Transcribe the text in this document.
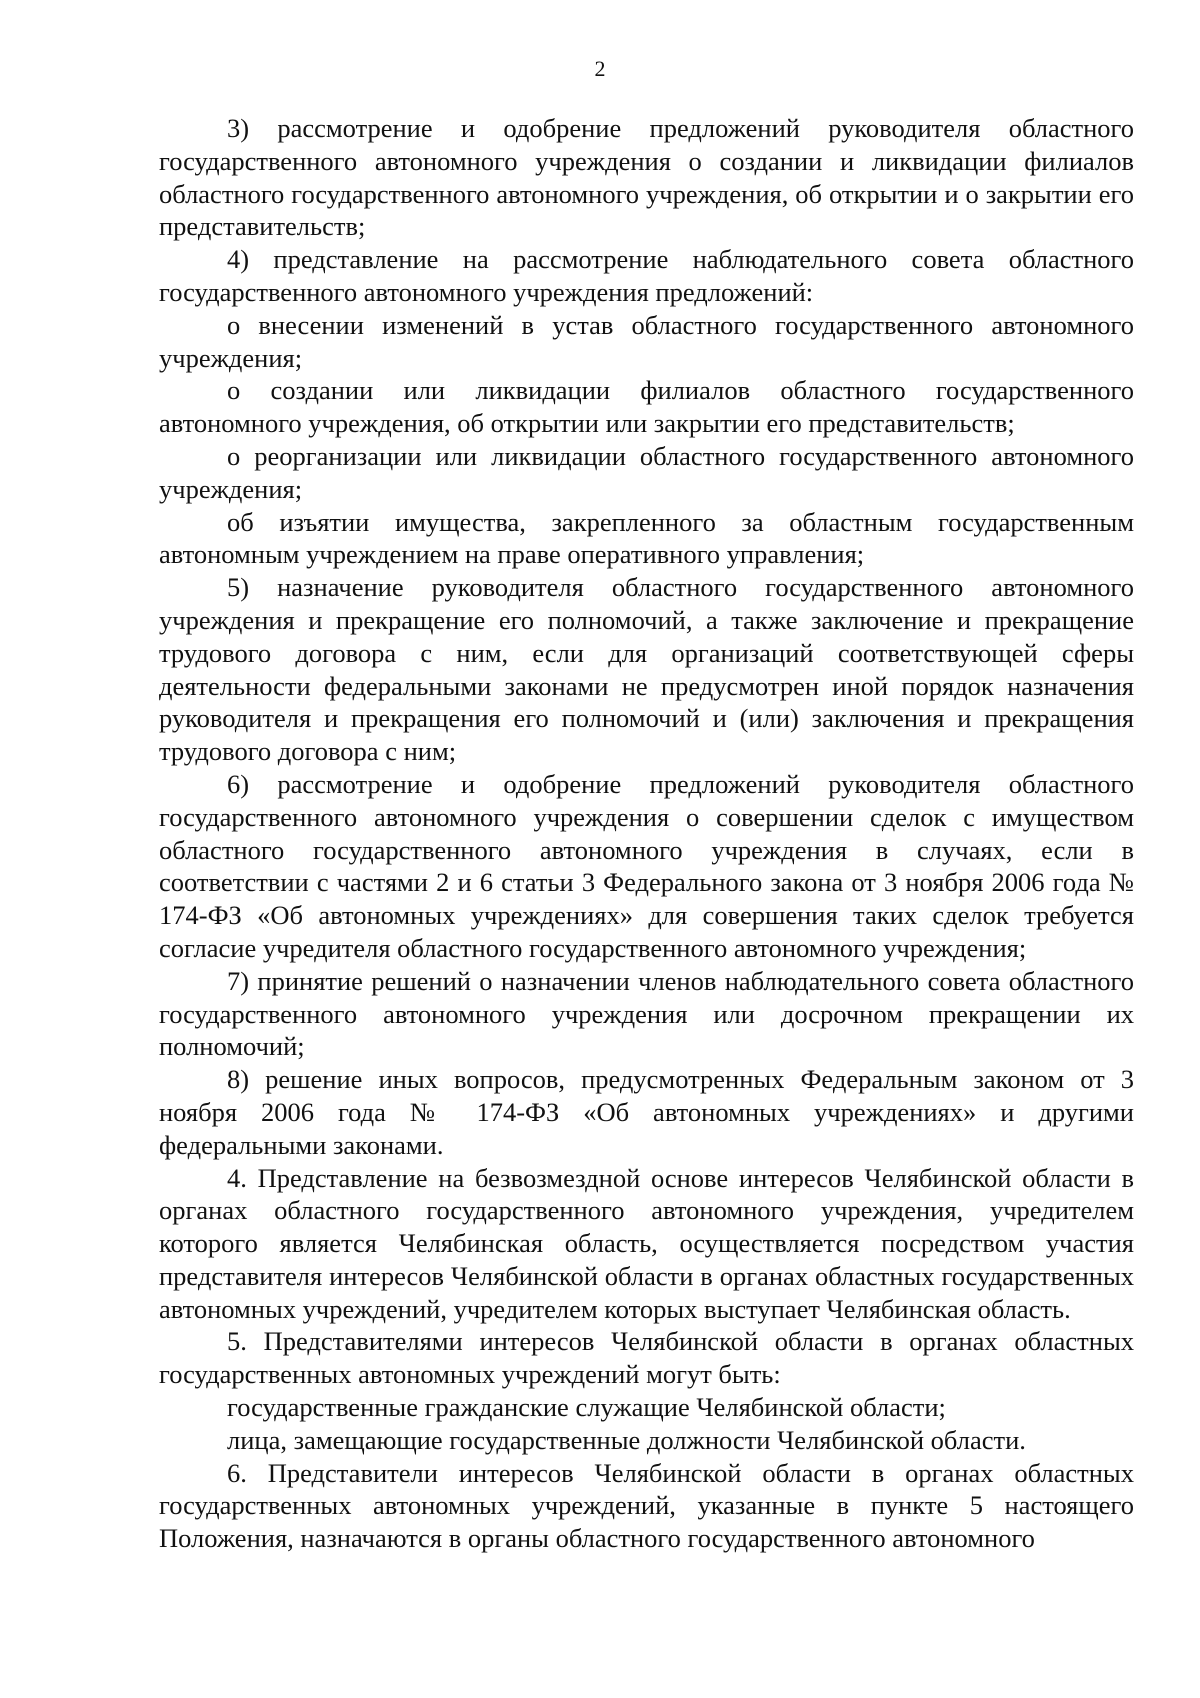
2

3) рассмотрение и одобрение предложений руководителя областного государственного автономного учреждения о создании и ликвидации филиалов областного государственного автономного учреждения, об открытии и о закрытии его представительств;

4) представление на рассмотрение наблюдательного совета областного государственного автономного учреждения предложений:

о внесении изменений в устав областного государственного автономного учреждения;

о создании или ликвидации филиалов областного государственного автономного учреждения, об открытии или закрытии его представительств;

о реорганизации или ликвидации областного государственного автономного учреждения;

об изъятии имущества, закрепленного за областным государственным автономным учреждением на праве оперативного управления;

5) назначение руководителя областного государственного автономного учреждения и прекращение его полномочий, а также заключение и прекращение трудового договора с ним, если для организаций соответствующей сферы деятельности федеральными законами не предусмотрен иной порядок назначения руководителя и прекращения его полномочий и (или) заключения и прекращения трудового договора с ним;

6) рассмотрение и одобрение предложений руководителя областного государственного автономного учреждения о совершении сделок с имуществом областного государственного автономного учреждения в случаях, если в соответствии с частями 2 и 6 статьи 3 Федерального закона от 3 ноября 2006 года № 174-ФЗ «Об автономных учреждениях» для совершения таких сделок требуется согласие учредителя областного государственного автономного учреждения;

7) принятие решений о назначении членов наблюдательного совета областного государственного автономного учреждения или досрочном прекращении их полномочий;

8) решение иных вопросов, предусмотренных Федеральным законом от 3 ноября 2006 года № 174-ФЗ «Об автономных учреждениях» и другими федеральными законами.

4. Представление на безвозмездной основе интересов Челябинской области в органах областного государственного автономного учреждения, учредителем которого является Челябинская область, осуществляется посредством участия представителя интересов Челябинской области в органах областных государственных автономных учреждений, учредителем которых выступает Челябинская область.

5. Представителями интересов Челябинской области в органах областных государственных автономных учреждений могут быть:

государственные гражданские служащие Челябинской области;

лица, замещающие государственные должности Челябинской области.

6. Представители интересов Челябинской области в органах областных государственных автономных учреждений, указанные в пункте 5 настоящего Положения, назначаются в органы областного государственного автономного
